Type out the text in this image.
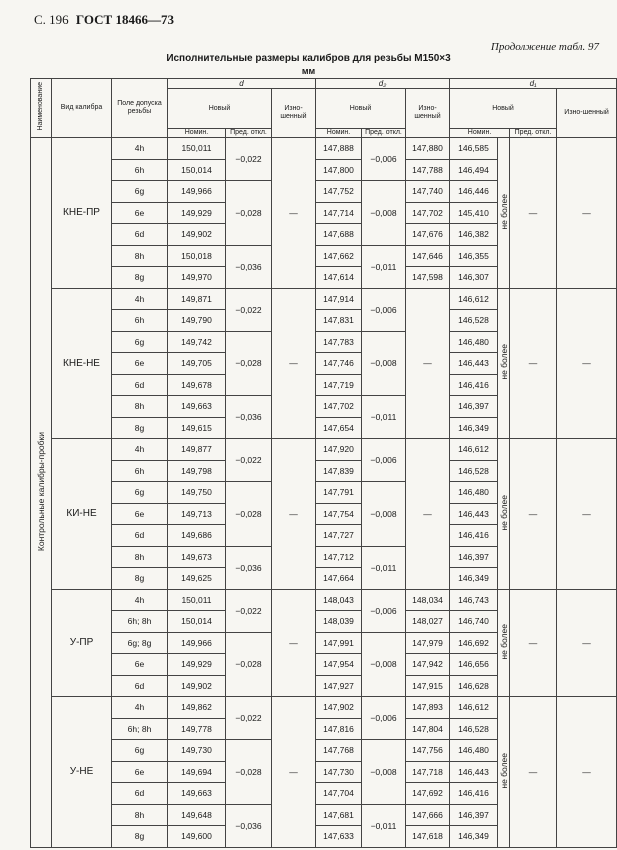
С. 196 ГОСТ 18466—73
Продолжение табл. 97
Исполнительные размеры калибров для резьбы M150×3
мм
Наименование	Вид калибра	Поле допуска резьбы	d			d₂			d₁			
			Новый		Изно-шенный	Новый		Изно-шенный	Новый			Изно-шенный
			Номин.	Пред. откл.		Номин.	Пред. откл.		Номин.		Пред. откл.	
Контрольные калибры-пробки	КНЕ-ПР	4h	150,011	−0,022	—	147,888	−0,006	147,880	146,585	не более	—	—
		6h	150,014			147,800		147,788	146,494			
		6g	149,966	−0,028		147,752	−0,008	147,740	146,446			
		6e	149,929			147,714		147,702	145,410			
		6d	149,902			147,688		147,676	146,382			
		8h	150,018	−0,036		147,662	−0,011	147,646	146,355			
		8g	149,970			147,614		147,598	146,307			
	КНЕ-НЕ	4h	149,871	−0,022	—	147,914	−0,006	—	146,612	не более	—	—
		6h	149,790			147,831			146,528			
		6g	149,742	−0,028		147,783	−0,008		146,480			
		6e	149,705			147,746			146,443			
		6d	149,678			147,719			146,416			
		8h	149,663	−0,036		147,702	−0,011		146,397			
		8g	149,615			147,654			146,349			
	КИ-НЕ	4h	149,877	−0,022	—	147,920	−0,006	—	146,612	не более	—	—
		6h	149,798			147,839			146,528			
		6g	149,750	−0,028		147,791	−0,008		146,480			
		6e	149,713			147,754			146,443			
		6d	149,686			147,727			146,416			
		8h	149,673	−0,036		147,712	−0,011		146,397			
		8g	149,625			147,664			146,349			
	У-ПР	4h	150,011	−0,022	—	148,043	−0,006	148,034	146,743	не более	—	—
		6h; 8h	150,014			148,039		148,027	146,740			
		6g; 8g	149,966	−0,028		147,991	−0,008	147,979	146,692			
		6e	149,929			147,954		147,942	146,656			
		6d	149,902			147,927		147,915	146,628			
	У-НЕ	4h	149,862	−0,022	—	147,902	−0,006	147,893	146,612	не более	—	—
		6h; 8h	149,778			147,816		147,804	146,528			
		6g	149,730	−0,028		147,768	−0,008	147,756	146,480			
		6e	149,694			147,730		147,718	146,443			
		6d	149,663			147,704		147,692	146,416			
		8h	149,648	−0,036		147,681	−0,011	147,666	146,397			
		8g	149,600			147,633		147,618	146,349			
